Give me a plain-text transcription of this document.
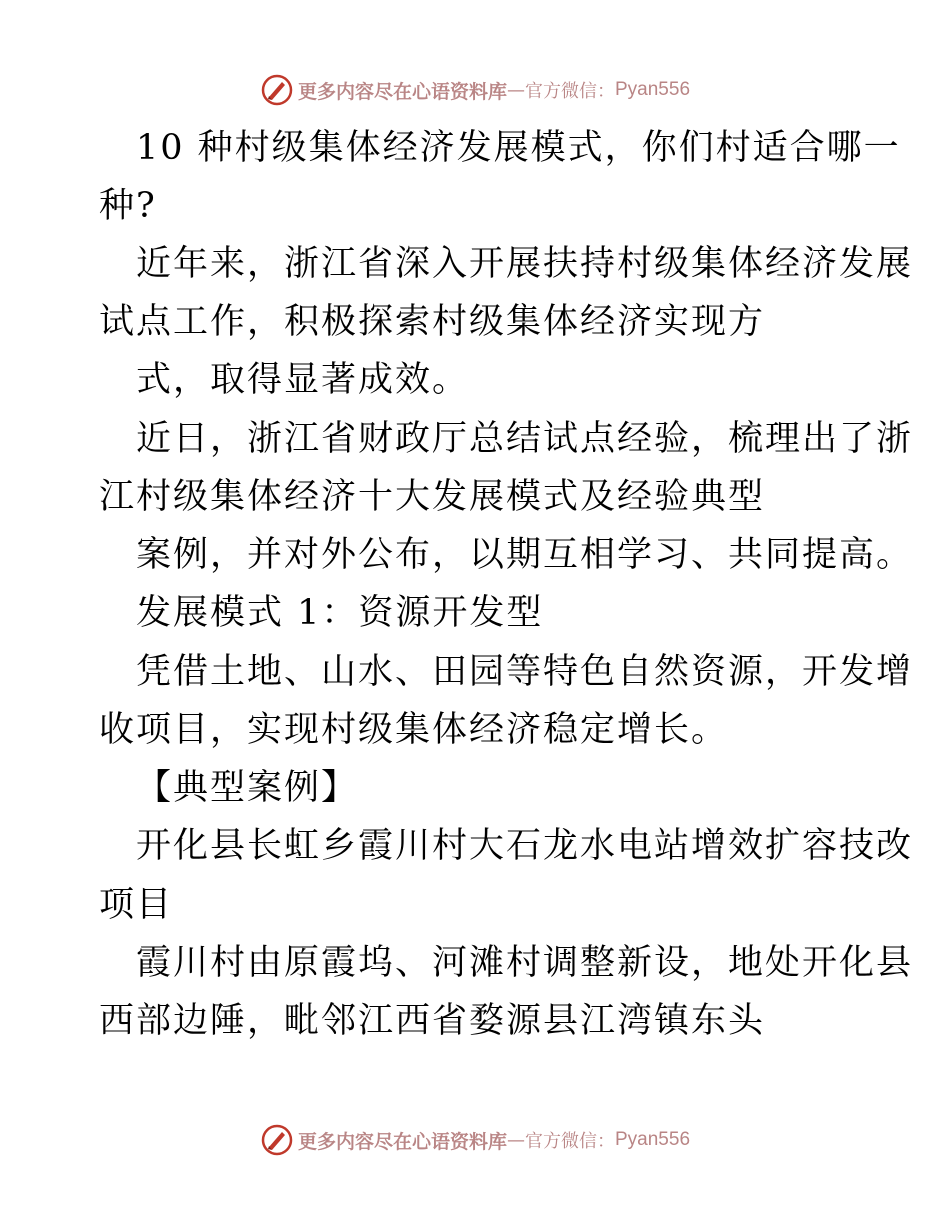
更多内容尽在心语资料库 — 官方微信： Pyan556
10 种村级集体经济发展模式，你们村适合哪一
种?
近年来，浙江省深入开展扶持村级集体经济发展
试点工作，积极探索村级集体经济实现方
式，取得显著成效。
近日，浙江省财政厅总结试点经验，梳理出了浙
江村级集体经济十大发展模式及经验典型
案例，并对外公布，以期互相学习、共同提高。
发展模式 1：资源开发型
凭借土地、山水、田园等特色自然资源，开发增
收项目，实现村级集体经济稳定增长。
【典型案例】
开化县长虹乡霞川村大石龙水电站增效扩容技改
项目
霞川村由原霞坞、河滩村调整新设，地处开化县
西部边陲，毗邻江西省婺源县江湾镇东头
更多内容尽在心语资料库 — 官方微信： Pyan556
